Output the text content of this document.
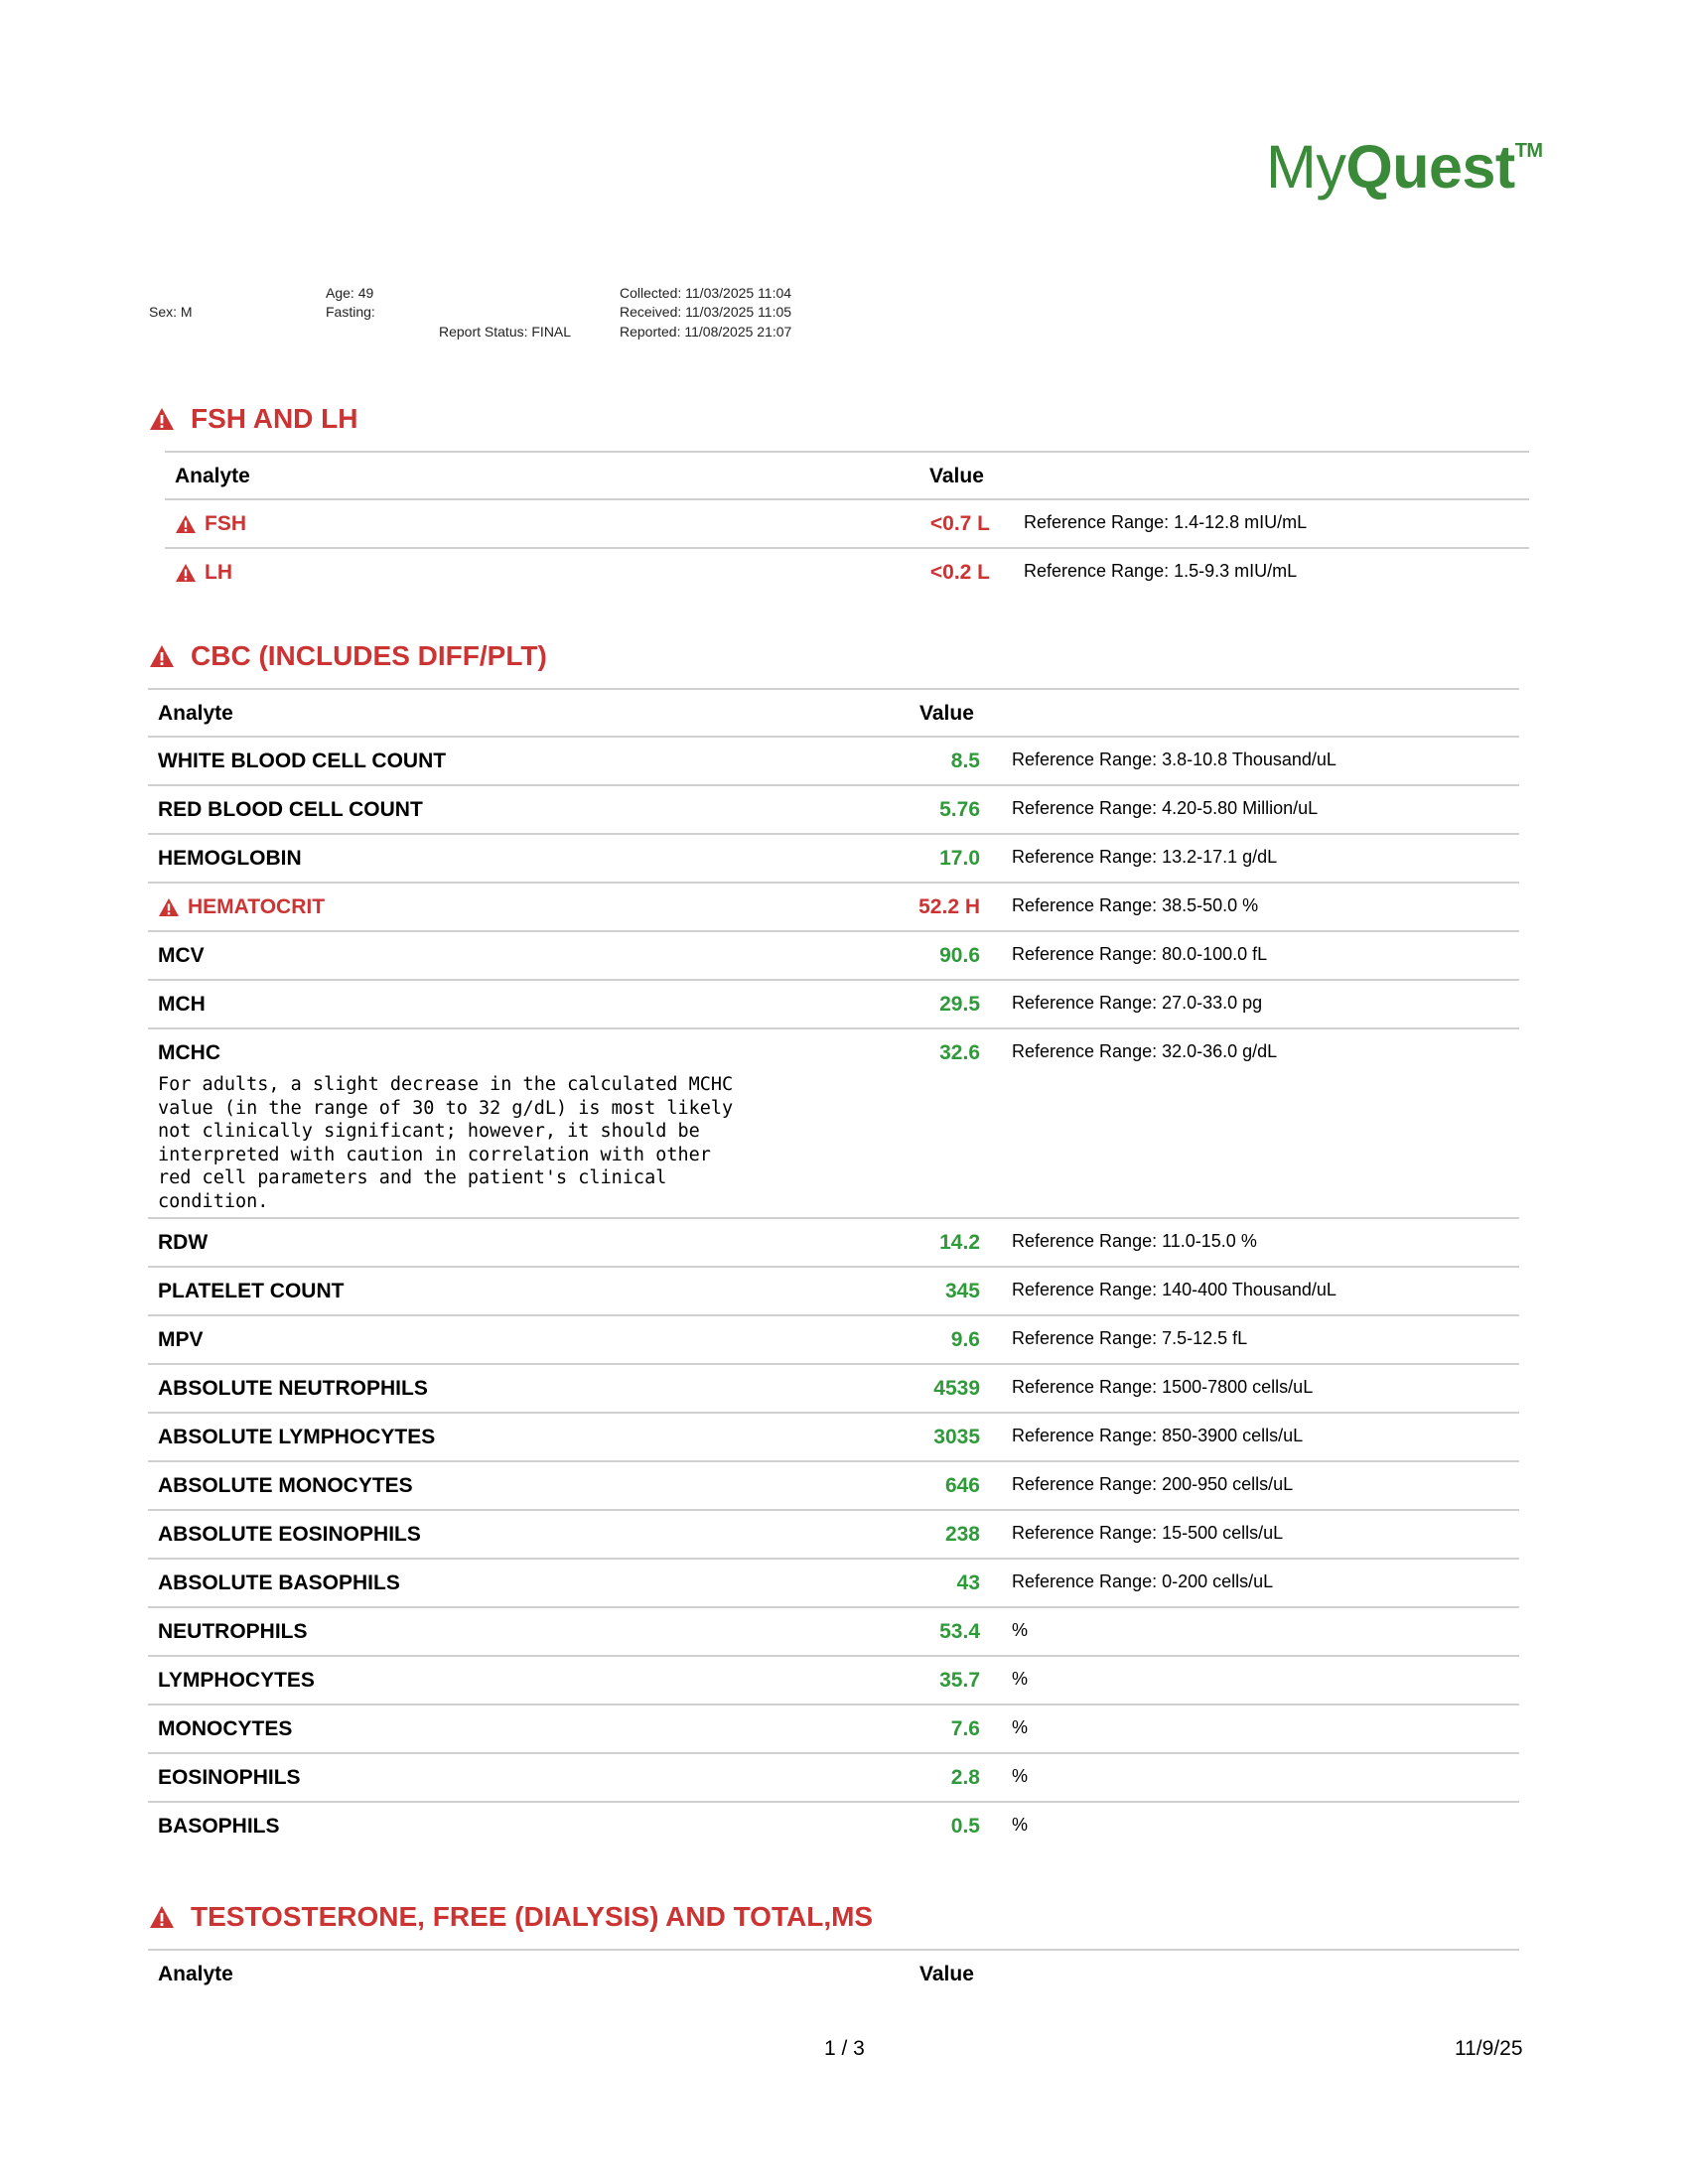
MyQuest™
Age: 49
Sex: M	Fasting:
Report Status: FINAL
Collected: 11/03/2025 11:04
Received: 11/03/2025 11:05
Reported: 11/08/2025 21:07
FSH AND LH
Analyte	Value
FSH	<0.7 L Reference Range: 1.4-12.8 mIU/mL
LH	<0.2 L Reference Range: 1.5-9.3 mIU/mL
CBC (INCLUDES DIFF/PLT)
Analyte	Value
WHITE BLOOD CELL COUNT	8.5 Reference Range: 3.8-10.8 Thousand/uL
RED BLOOD CELL COUNT	5.76 Reference Range: 4.20-5.80 Million/uL
HEMOGLOBIN	17.0 Reference Range: 13.2-17.1 g/dL
HEMATOCRIT	52.2 H Reference Range: 38.5-50.0 %
MCV	90.6 Reference Range: 80.0-100.0 fL
MCH	29.5 Reference Range: 27.0-33.0 pg
MCHC	32.6 Reference Range: 32.0-36.0 g/dL
For adults, a slight decrease in the calculated MCHC
value (in the range of 30 to 32 g/dL) is most likely
not clinically significant; however, it should be
interpreted with caution in correlation with other
red cell parameters and the patient's clinical
condition.
RDW	14.2 Reference Range: 11.0-15.0 %
PLATELET COUNT	345 Reference Range: 140-400 Thousand/uL
MPV	9.6 Reference Range: 7.5-12.5 fL
ABSOLUTE NEUTROPHILS	4539 Reference Range: 1500-7800 cells/uL
ABSOLUTE LYMPHOCYTES	3035 Reference Range: 850-3900 cells/uL
ABSOLUTE MONOCYTES	646 Reference Range: 200-950 cells/uL
ABSOLUTE EOSINOPHILS	238 Reference Range: 15-500 cells/uL
ABSOLUTE BASOPHILS	43 Reference Range: 0-200 cells/uL
NEUTROPHILS	53.4 %
LYMPHOCYTES	35.7 %
MONOCYTES	7.6 %
EOSINOPHILS	2.8 %
BASOPHILS	0.5 %
TESTOSTERONE, FREE (DIALYSIS) AND TOTAL,MS
Analyte	Value
1 / 3	11/9/25
